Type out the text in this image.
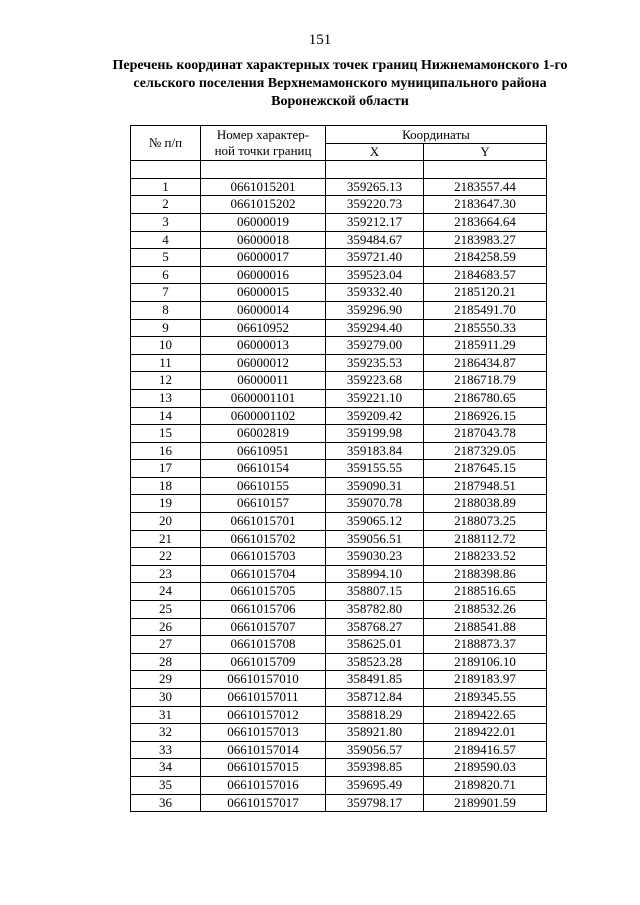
151
Перечень координат характерных точек границ Нижнемамонского 1-го
сельского поселения Верхнемамонского муниципального района
Воронежской области
№ п/п	Номер характер-
ной точки границ	Координаты	
		X	Y

1	0661015201	359265.13	2183557.44
2	0661015202	359220.73	2183647.30
3	06000019	359212.17	2183664.64
4	06000018	359484.67	2183983.27
5	06000017	359721.40	2184258.59
6	06000016	359523.04	2184683.57
7	06000015	359332.40	2185120.21
8	06000014	359296.90	2185491.70
9	06610952	359294.40	2185550.33
10	06000013	359279.00	2185911.29
11	06000012	359235.53	2186434.87
12	06000011	359223.68	2186718.79
13	0600001101	359221.10	2186780.65
14	0600001102	359209.42	2186926.15
15	06002819	359199.98	2187043.78
16	06610951	359183.84	2187329.05
17	06610154	359155.55	2187645.15
18	06610155	359090.31	2187948.51
19	06610157	359070.78	2188038.89
20	0661015701	359065.12	2188073.25
21	0661015702	359056.51	2188112.72
22	0661015703	359030.23	2188233.52
23	0661015704	358994.10	2188398.86
24	0661015705	358807.15	2188516.65
25	0661015706	358782.80	2188532.26
26	0661015707	358768.27	2188541.88
27	0661015708	358625.01	2188873.37
28	0661015709	358523.28	2189106.10
29	06610157010	358491.85	2189183.97
30	06610157011	358712.84	2189345.55
31	06610157012	358818.29	2189422.65
32	06610157013	358921.80	2189422.01
33	06610157014	359056.57	2189416.57
34	06610157015	359398.85	2189590.03
35	06610157016	359695.49	2189820.71
36	06610157017	359798.17	2189901.59
